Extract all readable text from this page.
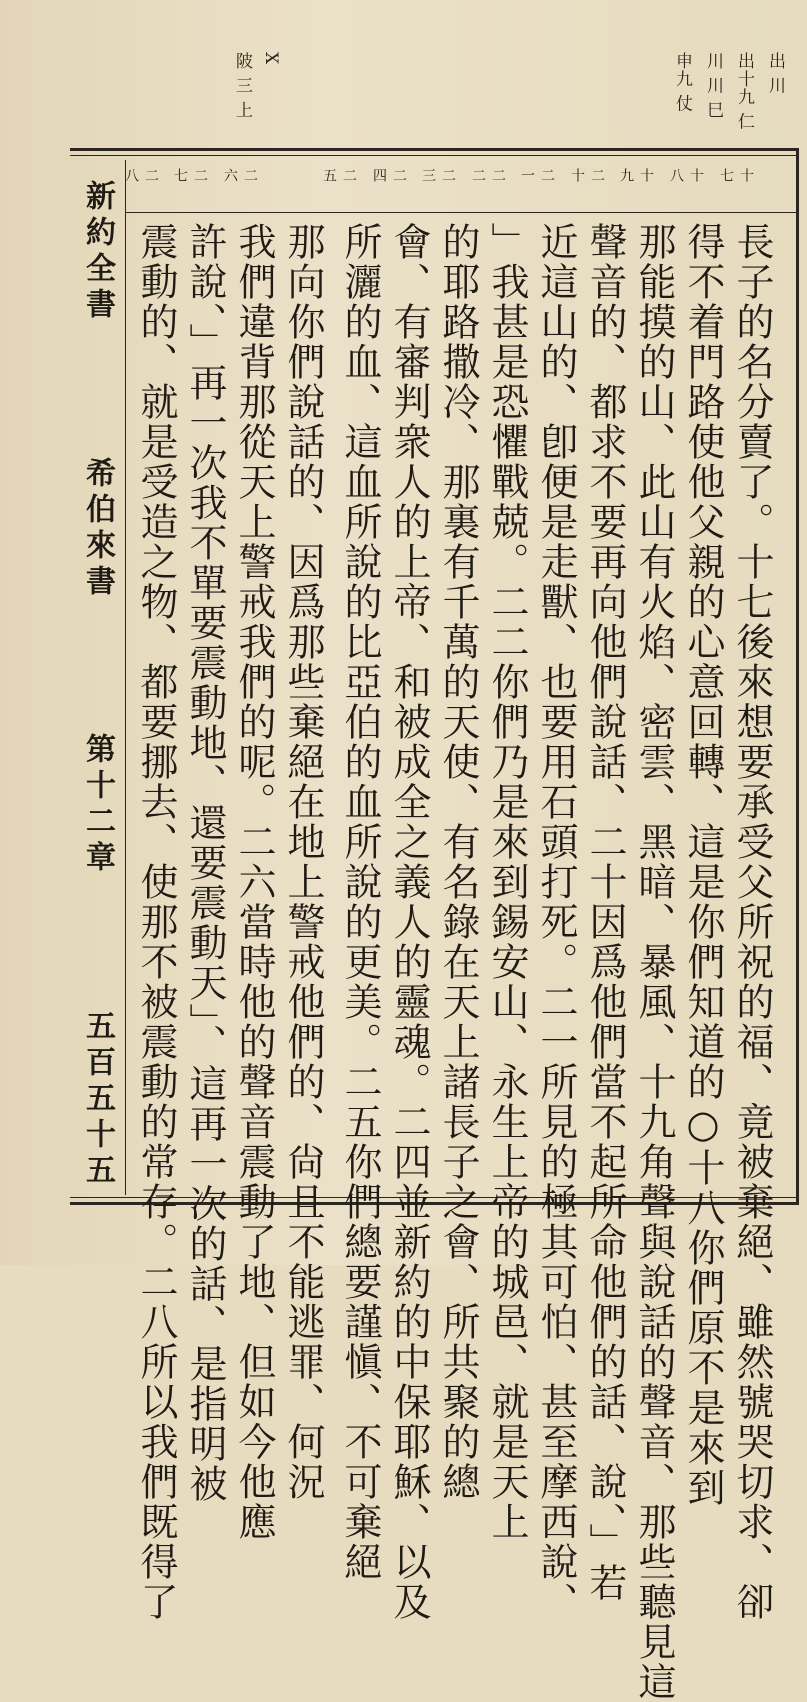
X
陂 三 上	出 川
出十九 仁
川 川 巳
申九 仗
新約全書
希伯來書
第十二章
五百五十五
十七
十八
十九
二十
二一
二二
二三
二四
二五
二六
二七
二八
長子的名分賣了。十七後來想要承受父所祝的福、竟被棄絕、雖然號哭切求、卻
得不着門路使他父親的心意回轉、這是你們知道的○十八你們原不是來到
那能摸的山、此山有火焰、密雲、黑暗、暴風、十九角聲與說話的聲音、那些聽見這
聲音的、都求不要再向他們說話、二十因爲他們當不起所命他們的話、說、」若
近這山的、卽便是走獸、也要用石頭打死。二一所見的極其可怕、甚至摩西說、
」我甚是恐懼戰兢。二二你們乃是來到錫安山、永生上帝的城邑、就是天上
的耶路撒冷、那裏有千萬的天使、有名錄在天上諸長子之會、所共聚的總
會、有審判衆人的上帝、和被成全之義人的靈魂。二四並新約的中保耶穌、以及
所灑的血、這血所說的比亞伯的血所說的更美。二五你們總要謹愼、不可棄絕
那向你們說話的、因爲那些棄絕在地上警戒他們的、尙且不能逃罪、何況
我們違背那從天上警戒我們的呢。二六當時他的聲音震動了地、但如今他應
許說、」再一次我不單要震動地、還要震動天」、這再一次的話、是指明被
震動的、就是受造之物、都要挪去、使那不被震動的常存。二八所以我們既得了
